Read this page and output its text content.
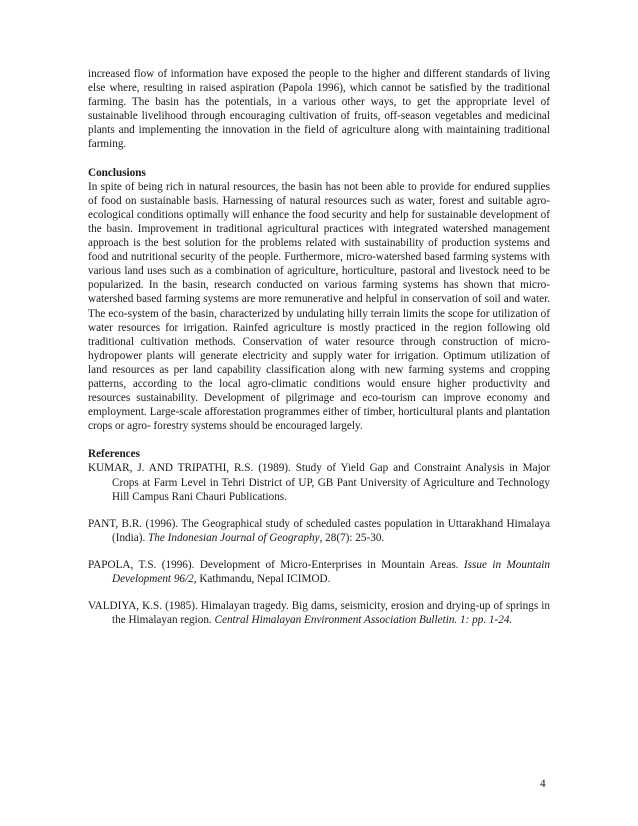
increased flow of information have exposed the people to the higher and different standards of living else where, resulting in raised aspiration (Papola 1996), which cannot be satisfied by the traditional farming. The basin has the potentials, in a various other ways, to get the appropriate level of sustainable livelihood through encouraging cultivation of fruits, off-season vegetables and medicinal plants and implementing the innovation in the field of agriculture along with maintaining traditional farming.

Conclusions

In spite of being rich in natural resources, the basin has not been able to provide for endured supplies of food on sustainable basis. Harnessing of natural resources such as water, forest and suitable agro-ecological conditions optimally will enhance the food security and help for sustainable development of the basin. Improvement in traditional agricultural practices with integrated watershed management approach is the best solution for the problems related with sustainability of production systems and food and nutritional security of the people. Furthermore, micro-watershed based farming systems with various land uses such as a combination of agriculture, horticulture, pastoral and livestock need to be popularized. In the basin, research conducted on various farming systems has shown that micro-watershed based farming systems are more remunerative and helpful in conservation of soil and water. The eco-system of the basin, characterized by undulating hilly terrain limits the scope for utilization of water resources for irrigation. Rainfed agriculture is mostly practiced in the region following old traditional cultivation methods. Conservation of water resource through construction of micro-hydropower plants will generate electricity and supply water for irrigation. Optimum utilization of land resources as per land capability classification along with new farming systems and cropping patterns, according to the local agro-climatic conditions would ensure higher productivity and resources sustainability. Development of pilgrimage and eco-tourism can improve economy and employment. Large-scale afforestation programmes either of timber, horticultural plants and plantation crops or agro- forestry systems should be encouraged largely.

References

KUMAR, J. AND TRIPATHI, R.S. (1989). Study of Yield Gap and Constraint Analysis in Major Crops at Farm Level in Tehri District of UP, GB Pant University of Agriculture and Technology Hill Campus Rani Chauri Publications.

PANT, B.R. (1996). The Geographical study of scheduled castes population in Uttarakhand Himalaya (India). The Indonesian Journal of Geography, 28(7): 25-30.

PAPOLA, T.S. (1996). Development of Micro-Enterprises in Mountain Areas. Issue in Mountain Development 96/2, Kathmandu, Nepal ICIMOD.

VALDIYA, K.S. (1985). Himalayan tragedy. Big dams, seismicity, erosion and drying-up of springs in the Himalayan region. Central Himalayan Environment Association Bulletin. 1: pp. 1-24.

4
